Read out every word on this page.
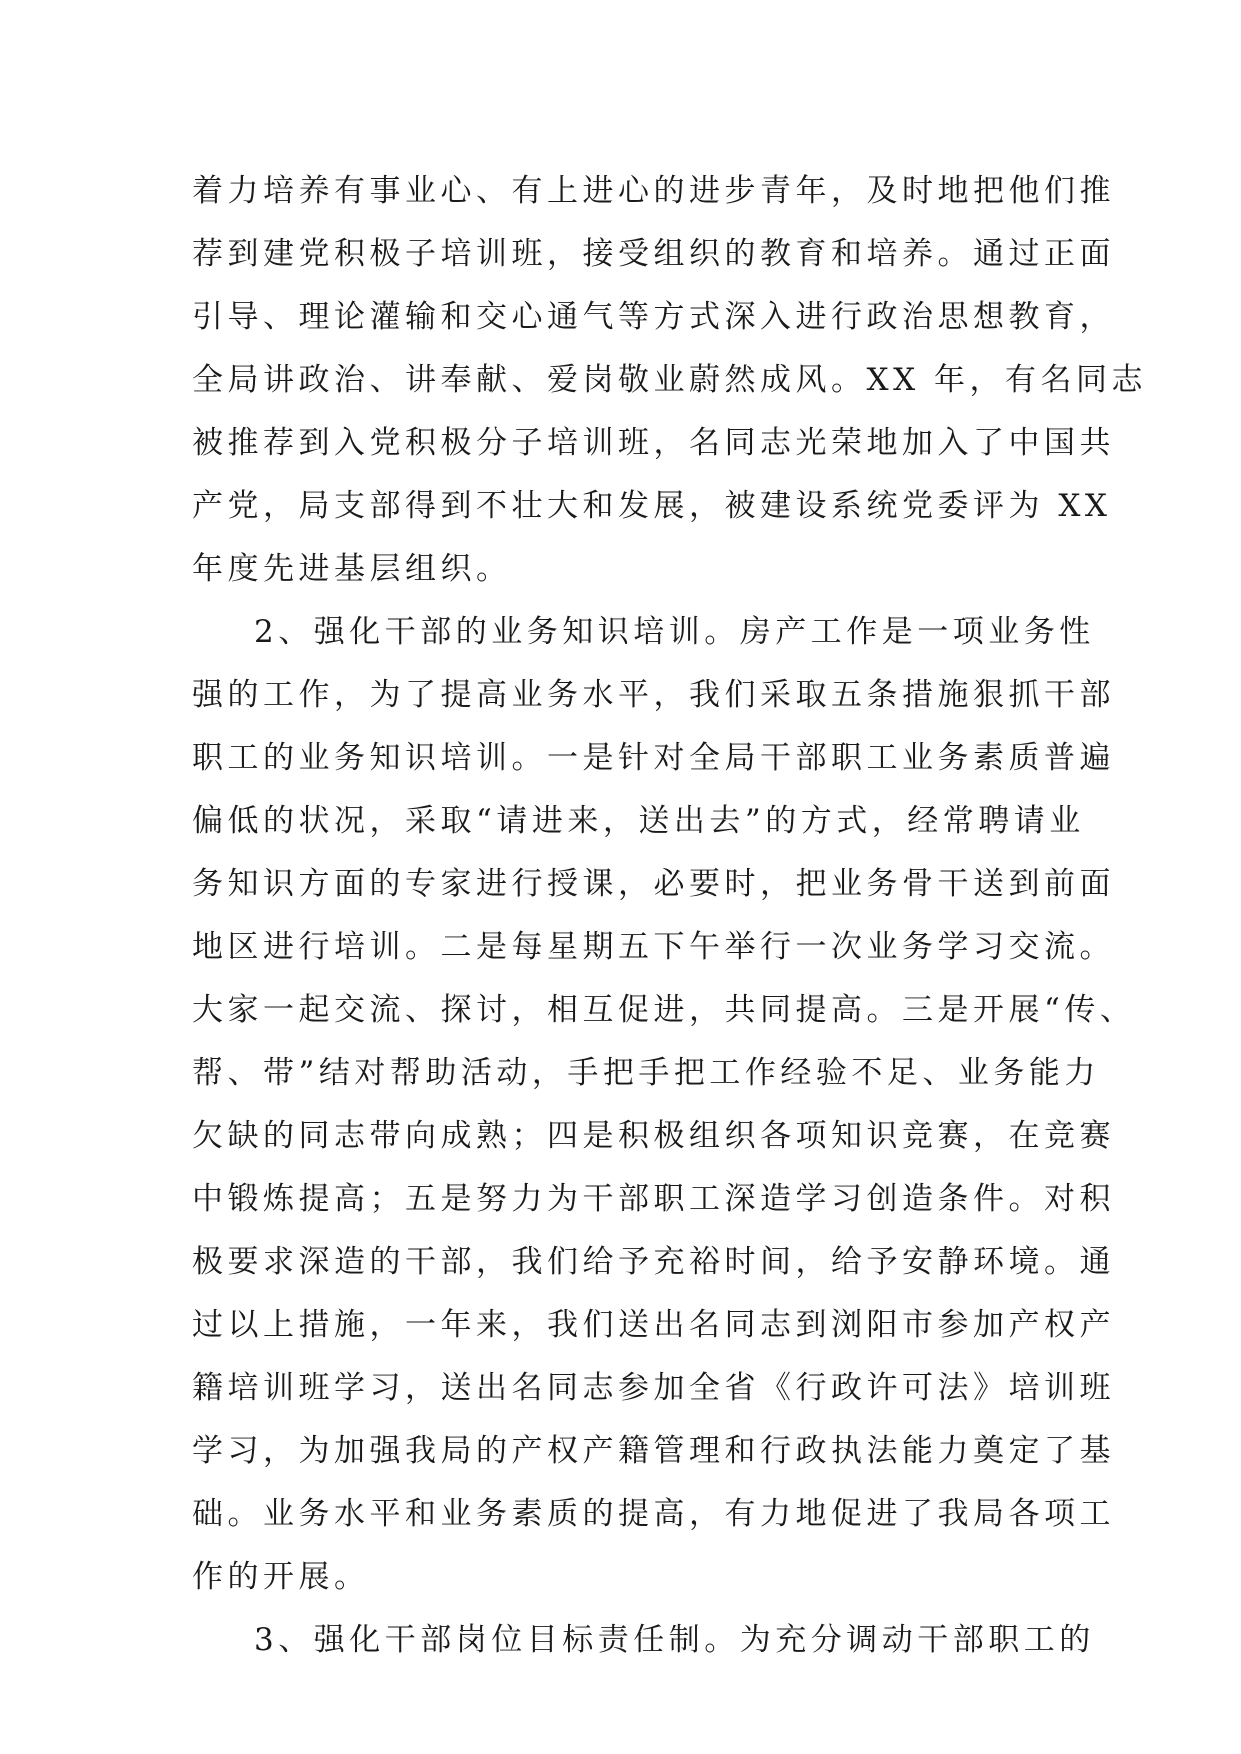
着力培养有事业心、有上进心的进步青年，及时地把他们推
荐到建党积极子培训班，接受组织的教育和培养。通过正面
引导、理论灌输和交心通气等方式深入进行政治思想教育，
全局讲政治、讲奉献、爱岗敬业蔚然成风。XX 年，有名同志
被推荐到入党积极分子培训班，名同志光荣地加入了中国共
产党，局支部得到不壮大和发展，被建设系统党委评为 XX
年度先进基层组织。
2、强化干部的业务知识培训。房产工作是一项业务性
强的工作，为了提高业务水平，我们采取五条措施狠抓干部
职工的业务知识培训。一是针对全局干部职工业务素质普遍
偏低的状况，采取“请进来，送出去”的方式，经常聘请业
务知识方面的专家进行授课，必要时，把业务骨干送到前面
地区进行培训。二是每星期五下午举行一次业务学习交流。
大家一起交流、探讨，相互促进，共同提高。三是开展“传、
帮、带”结对帮助活动，手把手把工作经验不足、业务能力
欠缺的同志带向成熟；四是积极组织各项知识竞赛，在竞赛
中锻炼提高；五是努力为干部职工深造学习创造条件。对积
极要求深造的干部，我们给予充裕时间，给予安静环境。通
过以上措施，一年来，我们送出名同志到浏阳市参加产权产
籍培训班学习，送出名同志参加全省《行政许可法》培训班
学习，为加强我局的产权产籍管理和行政执法能力奠定了基
础。业务水平和业务素质的提高，有力地促进了我局各项工
作的开展。
3、强化干部岗位目标责任制。为充分调动干部职工的
